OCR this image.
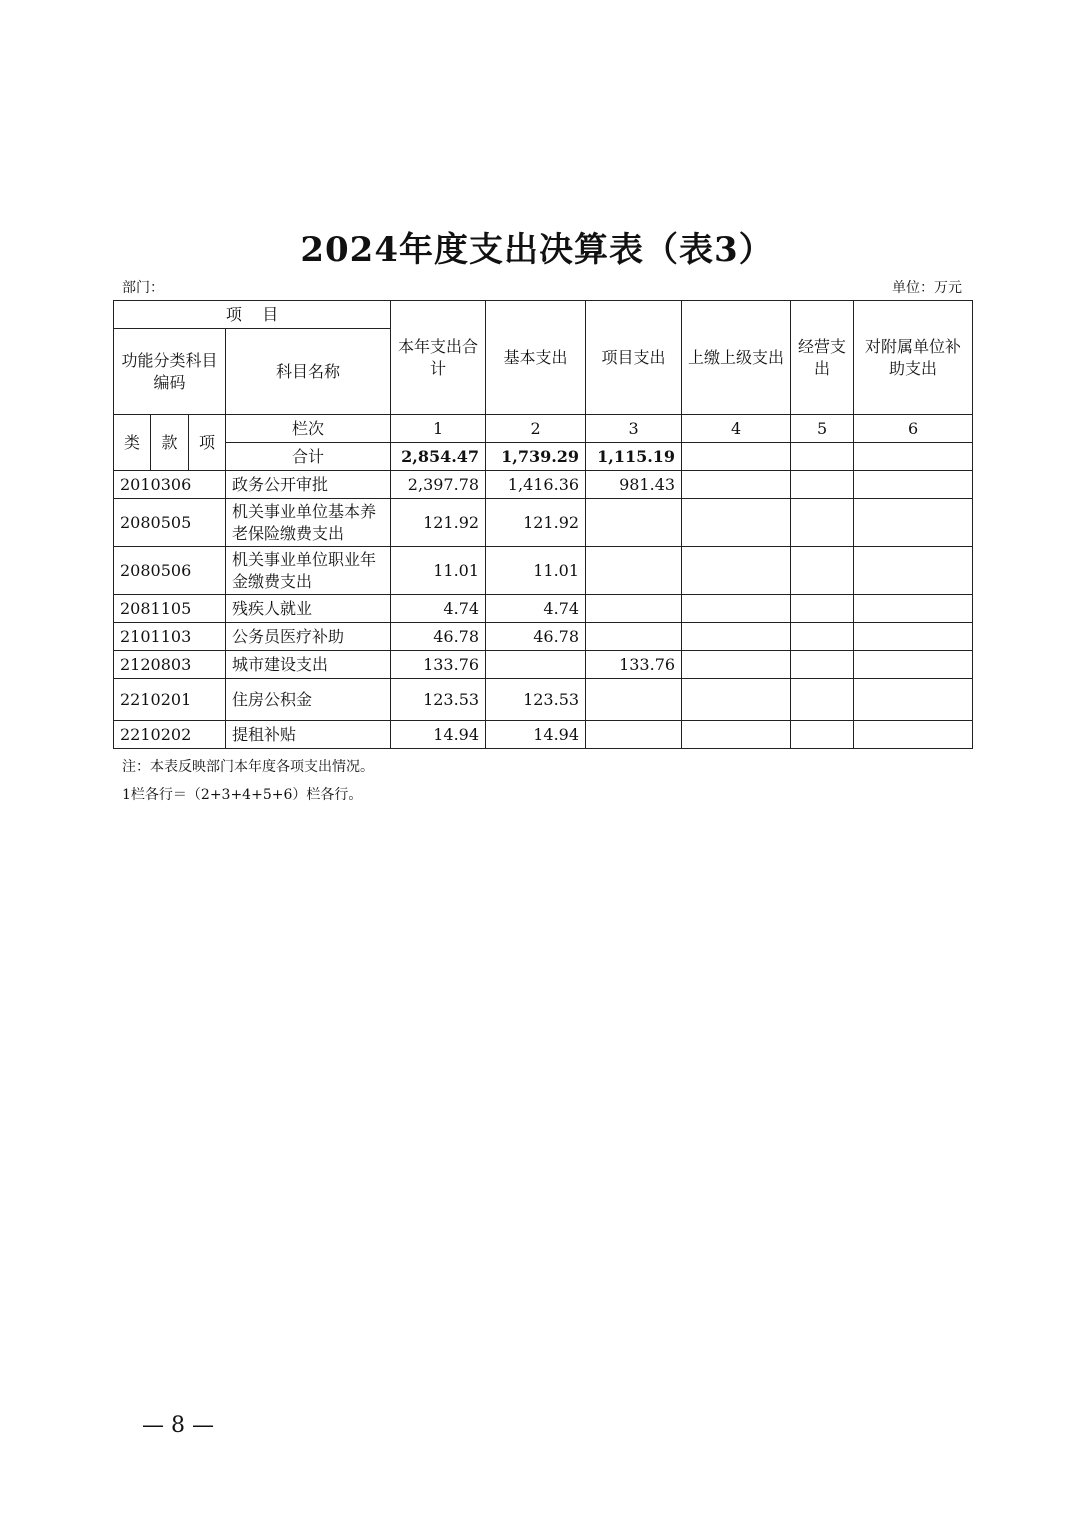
2024年度支出决算表（表3）
部门：	单位：万元
项    目				本年支出合计	基本支出	项目支出	上缴上级支出	经营支出	对附属单位补助支出
功能分类科目编码			科目名称						
类	款	项	栏次	1	2	3	4	5	6
			合计	2,854.47	1,739.29	1,115.19			
2010306			政务公开审批	2,397.78	1,416.36	981.43			
2080505			机关事业单位基本养老保险缴费支出	121.92	121.92				
2080506			机关事业单位职业年金缴费支出	11.01	11.01				
2081105			残疾人就业	4.74	4.74				
2101103			公务员医疗补助	46.78	46.78				
2120803			城市建设支出	133.76		133.76			
2210201			住房公积金	123.53	123.53				
2210202			提租补贴	14.94	14.94				
注：本表反映部门本年度各项支出情况。
1栏各行＝（2+3+4+5+6）栏各行。
— 8 —
